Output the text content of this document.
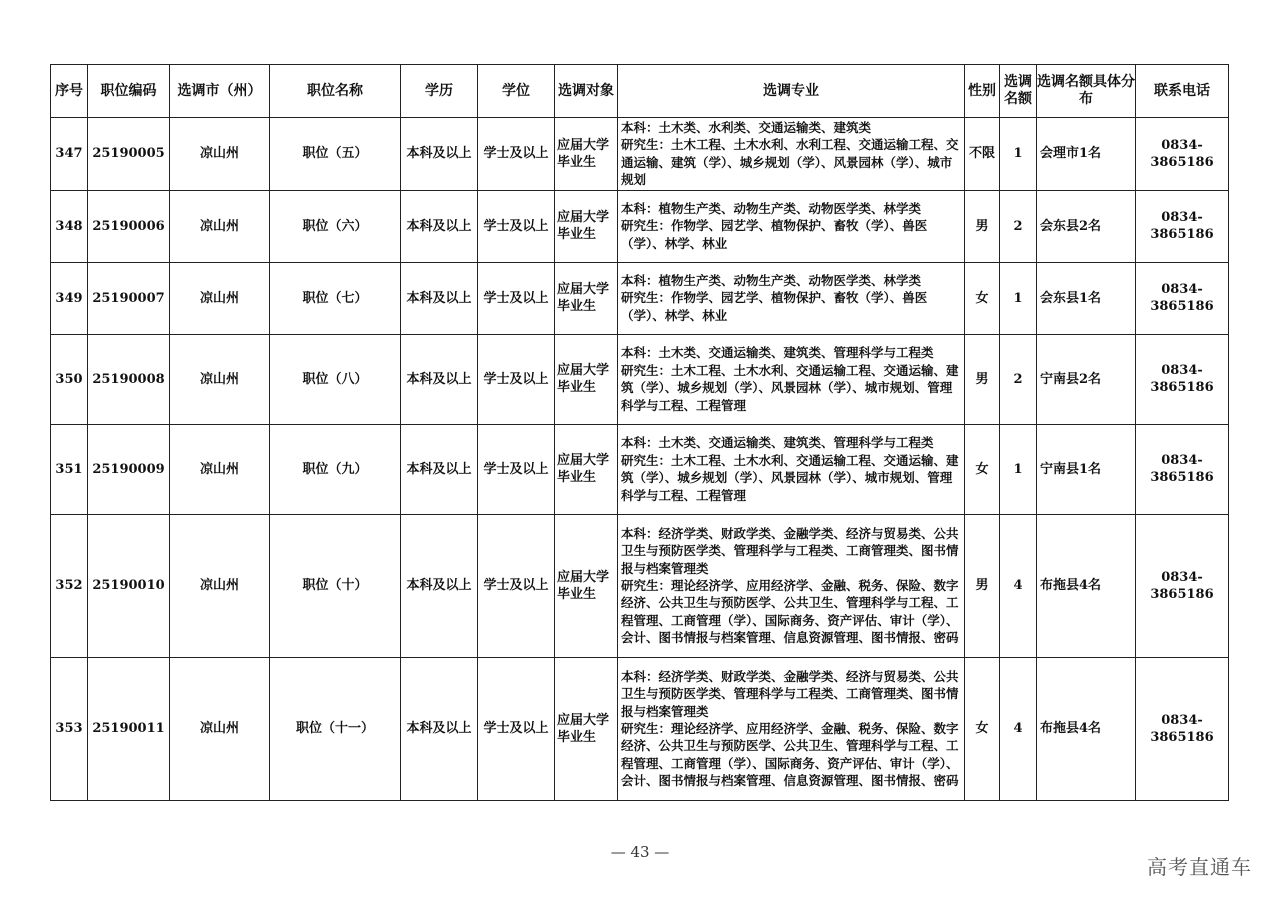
序号	职位编码	选调市（州）	职位名称	学历	学位	选调对象	选调专业	性别	选调名额	选调名额具体分布	联系电话
347	25190005	凉山州	职位（五）	本科及以上	学士及以上	应届大学毕业生	本科：土木类、水利类、交通运输类、建筑类
研究生：土木工程、土木水利、水利工程、交通运输工程、交通运输、建筑（学）、城乡规划（学）、风景园林（学）、城市规划	不限	1	会理市1名	0834-3865186
348	25190006	凉山州	职位（六）	本科及以上	学士及以上	应届大学毕业生	本科：植物生产类、动物生产类、动物医学类、林学类
研究生：作物学、园艺学、植物保护、畜牧（学）、兽医（学）、林学、林业	男	2	会东县2名	0834-3865186
349	25190007	凉山州	职位（七）	本科及以上	学士及以上	应届大学毕业生	本科：植物生产类、动物生产类、动物医学类、林学类
研究生：作物学、园艺学、植物保护、畜牧（学）、兽医（学）、林学、林业	女	1	会东县1名	0834-3865186
350	25190008	凉山州	职位（八）	本科及以上	学士及以上	应届大学毕业生	本科：土木类、交通运输类、建筑类、管理科学与工程类
研究生：土木工程、土木水利、交通运输工程、交通运输、建筑（学）、城乡规划（学）、风景园林（学）、城市规划、管理科学与工程、工程管理	男	2	宁南县2名	0834-3865186
351	25190009	凉山州	职位（九）	本科及以上	学士及以上	应届大学毕业生	本科：土木类、交通运输类、建筑类、管理科学与工程类
研究生：土木工程、土木水利、交通运输工程、交通运输、建筑（学）、城乡规划（学）、风景园林（学）、城市规划、管理科学与工程、工程管理	女	1	宁南县1名	0834-3865186
352	25190010	凉山州	职位（十）	本科及以上	学士及以上	应届大学毕业生	本科：经济学类、财政学类、金融学类、经济与贸易类、公共卫生与预防医学类、管理科学与工程类、工商管理类、图书情报与档案管理类
研究生：理论经济学、应用经济学、金融、税务、保险、数字经济、公共卫生与预防医学、公共卫生、管理科学与工程、工程管理、工商管理（学）、国际商务、资产评估、审计（学）、会计、图书情报与档案管理、信息资源管理、图书情报、密码	男	4	布拖县4名	0834-3865186
353	25190011	凉山州	职位（十一）	本科及以上	学士及以上	应届大学毕业生	本科：经济学类、财政学类、金融学类、经济与贸易类、公共卫生与预防医学类、管理科学与工程类、工商管理类、图书情报与档案管理类
研究生：理论经济学、应用经济学、金融、税务、保险、数字经济、公共卫生与预防医学、公共卫生、管理科学与工程、工程管理、工商管理（学）、国际商务、资产评估、审计（学）、会计、图书情报与档案管理、信息资源管理、图书情报、密码	女	4	布拖县4名	0834-3865186
— 43 —
高考直通车
